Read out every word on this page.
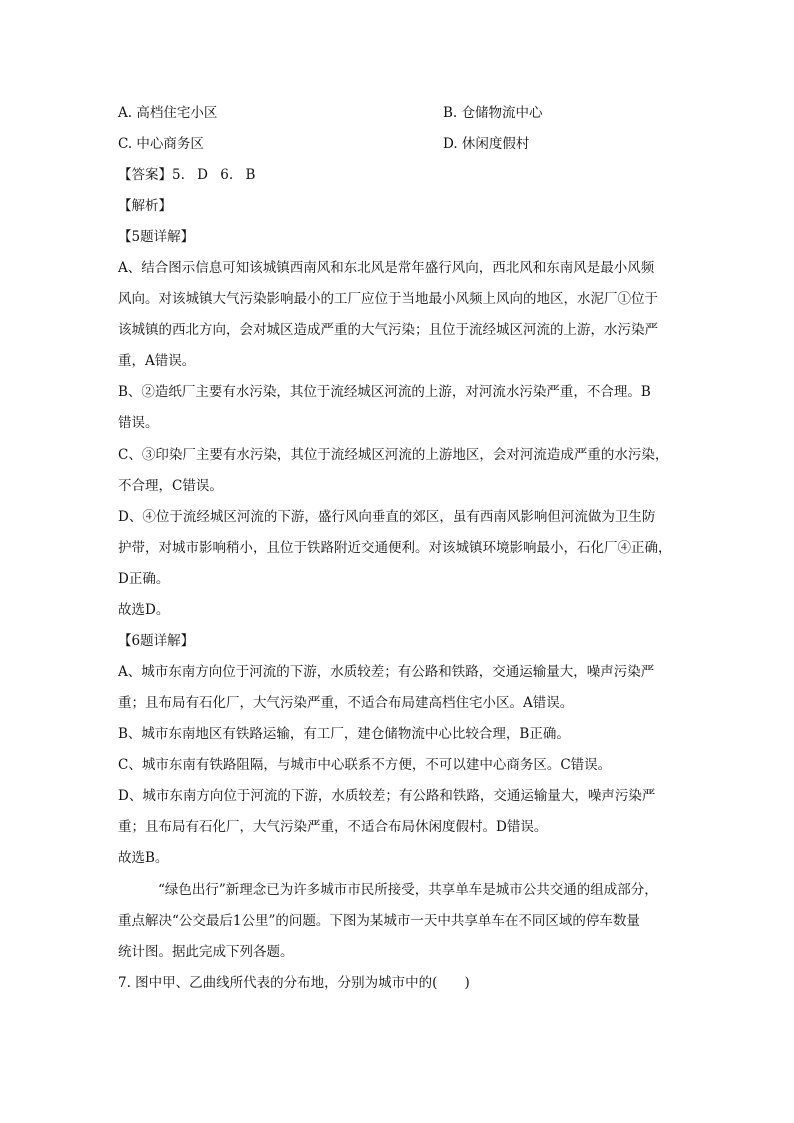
A. 高档住宅小区	B. 仓储物流中心
C. 中心商务区	D. 休闲度假村
【答案】5. D 6. B
【解析】
【5题详解】
A、结合图示信息可知该城镇西南风和东北风是常年盛行风向，西北风和东南风是最小风频
风向。对该城镇大气污染影响最小的工厂应位于当地最小风频上风向的地区，水泥厂①位于
该城镇的西北方向，会对城区造成严重的大气污染；且位于流经城区河流的上游，水污染严
重，A错误。
B、②造纸厂主要有水污染，其位于流经城区河流的上游，对河流水污染严重，不合理。B
错误。
C、③印染厂主要有水污染，其位于流经城区河流的上游地区，会对河流造成严重的水污染，
不合理，C错误。
D、④位于流经城区河流的下游，盛行风向垂直的郊区，虽有西南风影响但河流做为卫生防
护带，对城市影响稍小，且位于铁路附近交通便利。对该城镇环境影响最小，石化厂④正确，
D正确。
故选D。
【6题详解】
A、城市东南方向位于河流的下游，水质较差；有公路和铁路，交通运输量大，噪声污染严
重；且布局有石化厂，大气污染严重，不适合布局建高档住宅小区。A错误。
B、城市东南地区有铁路运输，有工厂，建仓储物流中心比较合理，B正确。
C、城市东南有铁路阻隔，与城市中心联系不方便，不可以建中心商务区。C错误。
D、城市东南方向位于河流的下游，水质较差；有公路和铁路，交通运输量大，噪声污染严
重；且布局有石化厂，大气污染严重，不适合布局休闲度假村。D错误。
故选B。
“绿色出行”新理念已为许多城市市民所接受，共享单车是城市公共交通的组成部分，
重点解决“公交最后1公里”的问题。下图为某城市一天中共享单车在不同区域的停车数量
统计图。据此完成下列各题。
7. 图中甲、乙曲线所代表的分布地，分别为城市中的(　　)
